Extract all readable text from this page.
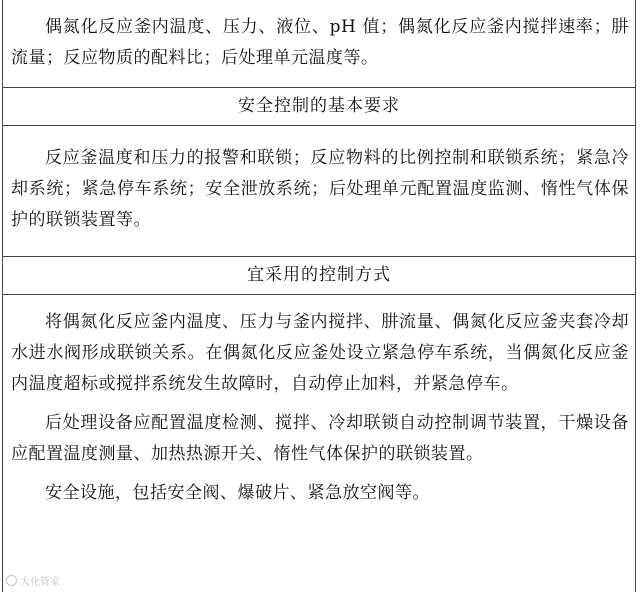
偶氮化反应釜内温度、压力、液位、pH 值；偶氮化反应釜内搅拌速率；肼流量；反应物质的配料比；后处理单元温度等。

安全控制的基本要求

反应釜温度和压力的报警和联锁；反应物料的比例控制和联锁系统；紧急冷却系统；紧急停车系统；安全泄放系统；后处理单元配置温度监测、惰性气体保护的联锁装置等。

宜采用的控制方式

将偶氮化反应釜内温度、压力与釜内搅拌、肼流量、偶氮化反应釜夹套冷却水进水阀形成联锁关系。在偶氮化反应釜处设立紧急停车系统，当偶氮化反应釜内温度超标或搅拌系统发生故障时，自动停止加料，并紧急停车。

后处理设备应配置温度检测、搅拌、冷却联锁自动控制调节装置，干燥设备应配置温度测量、加热热源开关、惰性气体保护的联锁装置。

安全设施，包括安全阀、爆破片、紧急放空阀等。

大化管家
